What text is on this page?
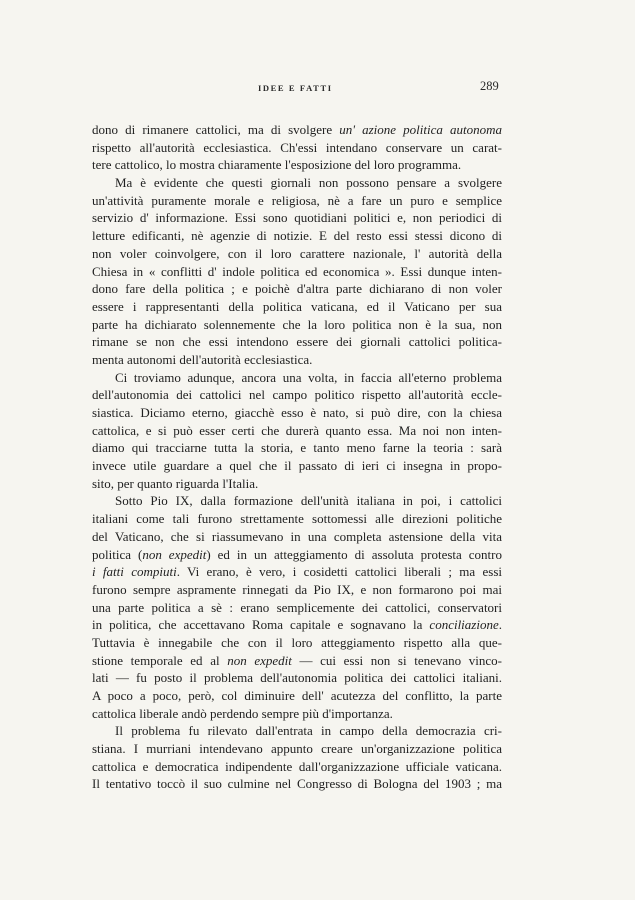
IDEE E FATTI	289
dono di rimanere cattolici, ma di svolgere un' azione politica autonoma
rispetto all'autorità ecclesiastica. Ch'essi intendano conservare un carat-
tere cattolico, lo mostra chiaramente l'esposizione del loro programma.
Ma è evidente che questi giornali non possono pensare a svolgere
un'attività puramente morale e religiosa, nè a fare un puro e semplice
servizio d' informazione. Essi sono quotidiani politici e, non periodici di
letture edificanti, nè agenzie di notizie. E del resto essi stessi dicono di
non voler coinvolgere, con il loro carattere nazionale, l' autorità della
Chiesa in « conflitti d' indole politica ed economica ». Essi dunque inten-
dono fare della politica ; e poichè d'altra parte dichiarano di non voler
essere i rappresentanti della politica vaticana, ed il Vaticano per sua
parte ha dichiarato solennemente che la loro politica non è la sua, non
rimane se non che essi intendono essere dei giornali cattolici politica-
menta autonomi dell'autorità ecclesiastica.
Ci troviamo adunque, ancora una volta, in faccia all'eterno problema
dell'autonomia dei cattolici nel campo politico rispetto all'autorità eccle-
siastica. Diciamo eterno, giacchè esso è nato, si può dire, con la chiesa
cattolica, e si può esser certi che durerà quanto essa. Ma noi non inten-
diamo qui tracciarne tutta la storia, e tanto meno farne la teoria : sarà
invece utile guardare a quel che il passato di ieri ci insegna in propo-
sito, per quanto riguarda l'Italia.
Sotto Pio IX, dalla formazione dell'unità italiana in poi, i cattolici
italiani come tali furono strettamente sottomessi alle direzioni politiche
del Vaticano, che si riassumevano in una completa astensione della vita
politica (non expedit) ed in un atteggiamento di assoluta protesta contro
i fatti compiuti. Vi erano, è vero, i cosidetti cattolici liberali ; ma essi
furono sempre aspramente rinnegati da Pio IX, e non formarono poi mai
una parte politica a sè : erano semplicemente dei cattolici, conservatori
in politica, che accettavano Roma capitale e sognavano la conciliazione.
Tuttavia è innegabile che con il loro atteggiamento rispetto alla que-
stione temporale ed al non expedit — cui essi non si tenevano vinco-
lati — fu posto il problema dell'autonomia politica dei cattolici italiani.
A poco a poco, però, col diminuire dell' acutezza del conflitto, la parte
cattolica liberale andò perdendo sempre più d'importanza.
Il problema fu rilevato dall'entrata in campo della democrazia cri-
stiana. I murriani intendevano appunto creare un'organizzazione politica
cattolica e democratica indipendente dall'organizzazione ufficiale vaticana.
Il tentativo toccò il suo culmine nel Congresso di Bologna del 1903 ; ma
